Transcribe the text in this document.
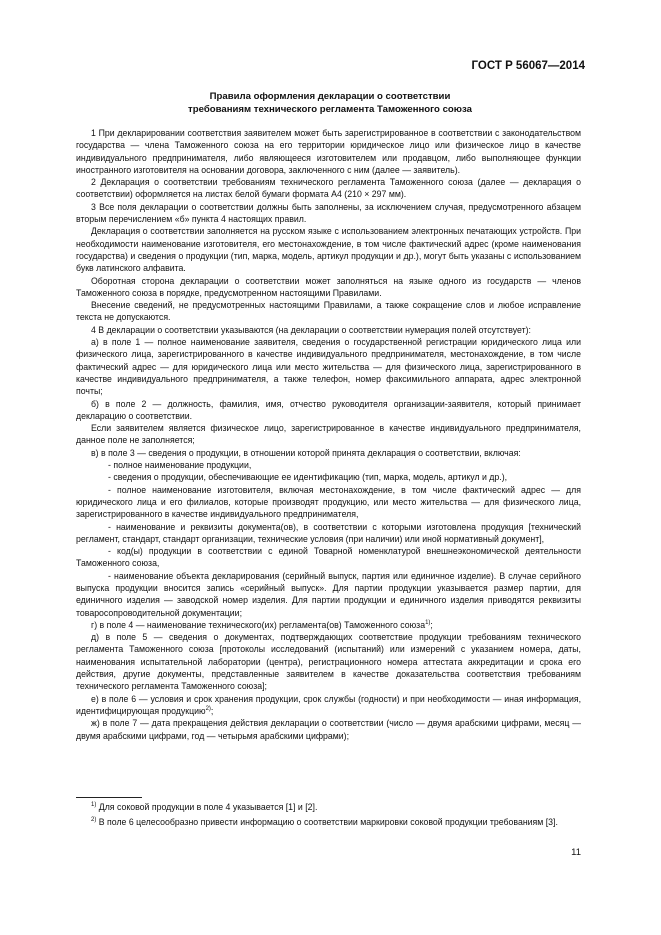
ГОСТ Р 56067—2014
Правила оформления декларации о соответствии
требованиям технического регламента Таможенного союза

1 При декларировании соответствия заявителем может быть зарегистрированное в соответствии с законодательством государства — члена Таможенного союза на его территории юридическое лицо или физическое лицо в качестве индивидуального предпринимателя, либо являющееся изготовителем или продавцом, либо выполняющее функции иностранного изготовителя на основании договора, заключенного с ним (далее — заявитель).

2 Декларация о соответствии требованиям технического регламента Таможенного союза (далее — декларация о соответствии) оформляется на листах белой бумаги формата А4 (210 × 297 мм).

3 Все поля декларации о соответствии должны быть заполнены, за исключением случая, предусмотренного абзацем вторым перечислением «б» пункта 4 настоящих правил.

Декларация о соответствии заполняется на русском языке с использованием электронных печатающих устройств. При необходимости наименование изготовителя, его местонахождение, в том числе фактический адрес (кроме наименования государства) и сведения о продукции (тип, марка, модель, артикул продукции и др.), могут быть указаны с использованием букв латинского алфавита.

Оборотная сторона декларации о соответствии может заполняться на языке одного из государств — членов Таможенного союза в порядке, предусмотренном настоящими Правилами.

Внесение сведений, не предусмотренных настоящими Правилами, а также сокращение слов и любое исправление текста не допускаются.

4 В декларации о соответствии указываются (на декларации о соответствии нумерация полей отсутствует):

а) в поле 1 — полное наименование заявителя, сведения о государственной регистрации юридического лица или физического лица, зарегистрированного в качестве индивидуального предпринимателя, местонахождение, в том числе фактический адрес — для юридического лица или место жительства — для физического лица, зарегистрированного в качестве индивидуального предпринимателя, а также телефон, номер факсимильного аппарата, адрес электронной почты;

б) в поле 2 — должность, фамилия, имя, отчество руководителя организации-заявителя, который принимает декларацию о соответствии.

Если заявителем является физическое лицо, зарегистрированное в качестве индивидуального предпринимателя, данное поле не заполняется;

в) в поле 3 — сведения о продукции, в отношении которой принята декларация о соответствии, включая:

- полное наименование продукции,

- сведения о продукции, обеспечивающие ее идентификацию (тип, марка, модель, артикул и др.),

- полное наименование изготовителя, включая местонахождение, в том числе фактический адрес — для юридического лица и его филиалов, которые производят продукцию, или место жительства — для физического лица, зарегистрированного в качестве индивидуального предпринимателя,

- наименование и реквизиты документа(ов), в соответствии с которыми изготовлена продукция [технический регламент, стандарт, стандарт организации, технические условия (при наличии) или иной нормативный документ],

- код(ы) продукции в соответствии с единой Товарной номенклатурой внешнеэкономической деятельности Таможенного союза,

- наименование объекта декларирования (серийный выпуск, партия или единичное изделие). В случае серийного выпуска продукции вносится запись «серийный выпуск». Для партии продукции указывается размер партии, для единичного изделия — заводской номер изделия. Для партии продукции и единичного изделия приводятся реквизиты товаросопроводительной документации;

г) в поле 4 — наименование технического(их) регламента(ов) Таможенного союза$^{1)}$;

д) в поле 5 — сведения о документах, подтверждающих соответствие продукции требованиям технического регламента Таможенного союза [протоколы исследований (испытаний) или измерений с указанием номера, даты, наименования испытательной лаборатории (центра), регистрационного номера аттестата аккредитации и срока его действия, другие документы, представленные заявителем в качестве доказательства соответствия требованиям технического регламента Таможенного союза];

е) в поле 6 — условия и срок хранения продукции, срок службы (годности) и при необходимости — иная информация, идентифицирующая продукцию$^{2)}$;

ж) в поле 7 — дата прекращения действия декларации о соответствии (число — двумя арабскими цифрами, месяц — двумя арабскими цифрами, год — четырьмя арабскими цифрами);

$^{1)}$ Для соковой продукции в поле 4 указывается [1] и [2].

$^{2)}$ В поле 6 целесообразно привести информацию о соответствии маркировки соковой продукции требованиям [3].

11
